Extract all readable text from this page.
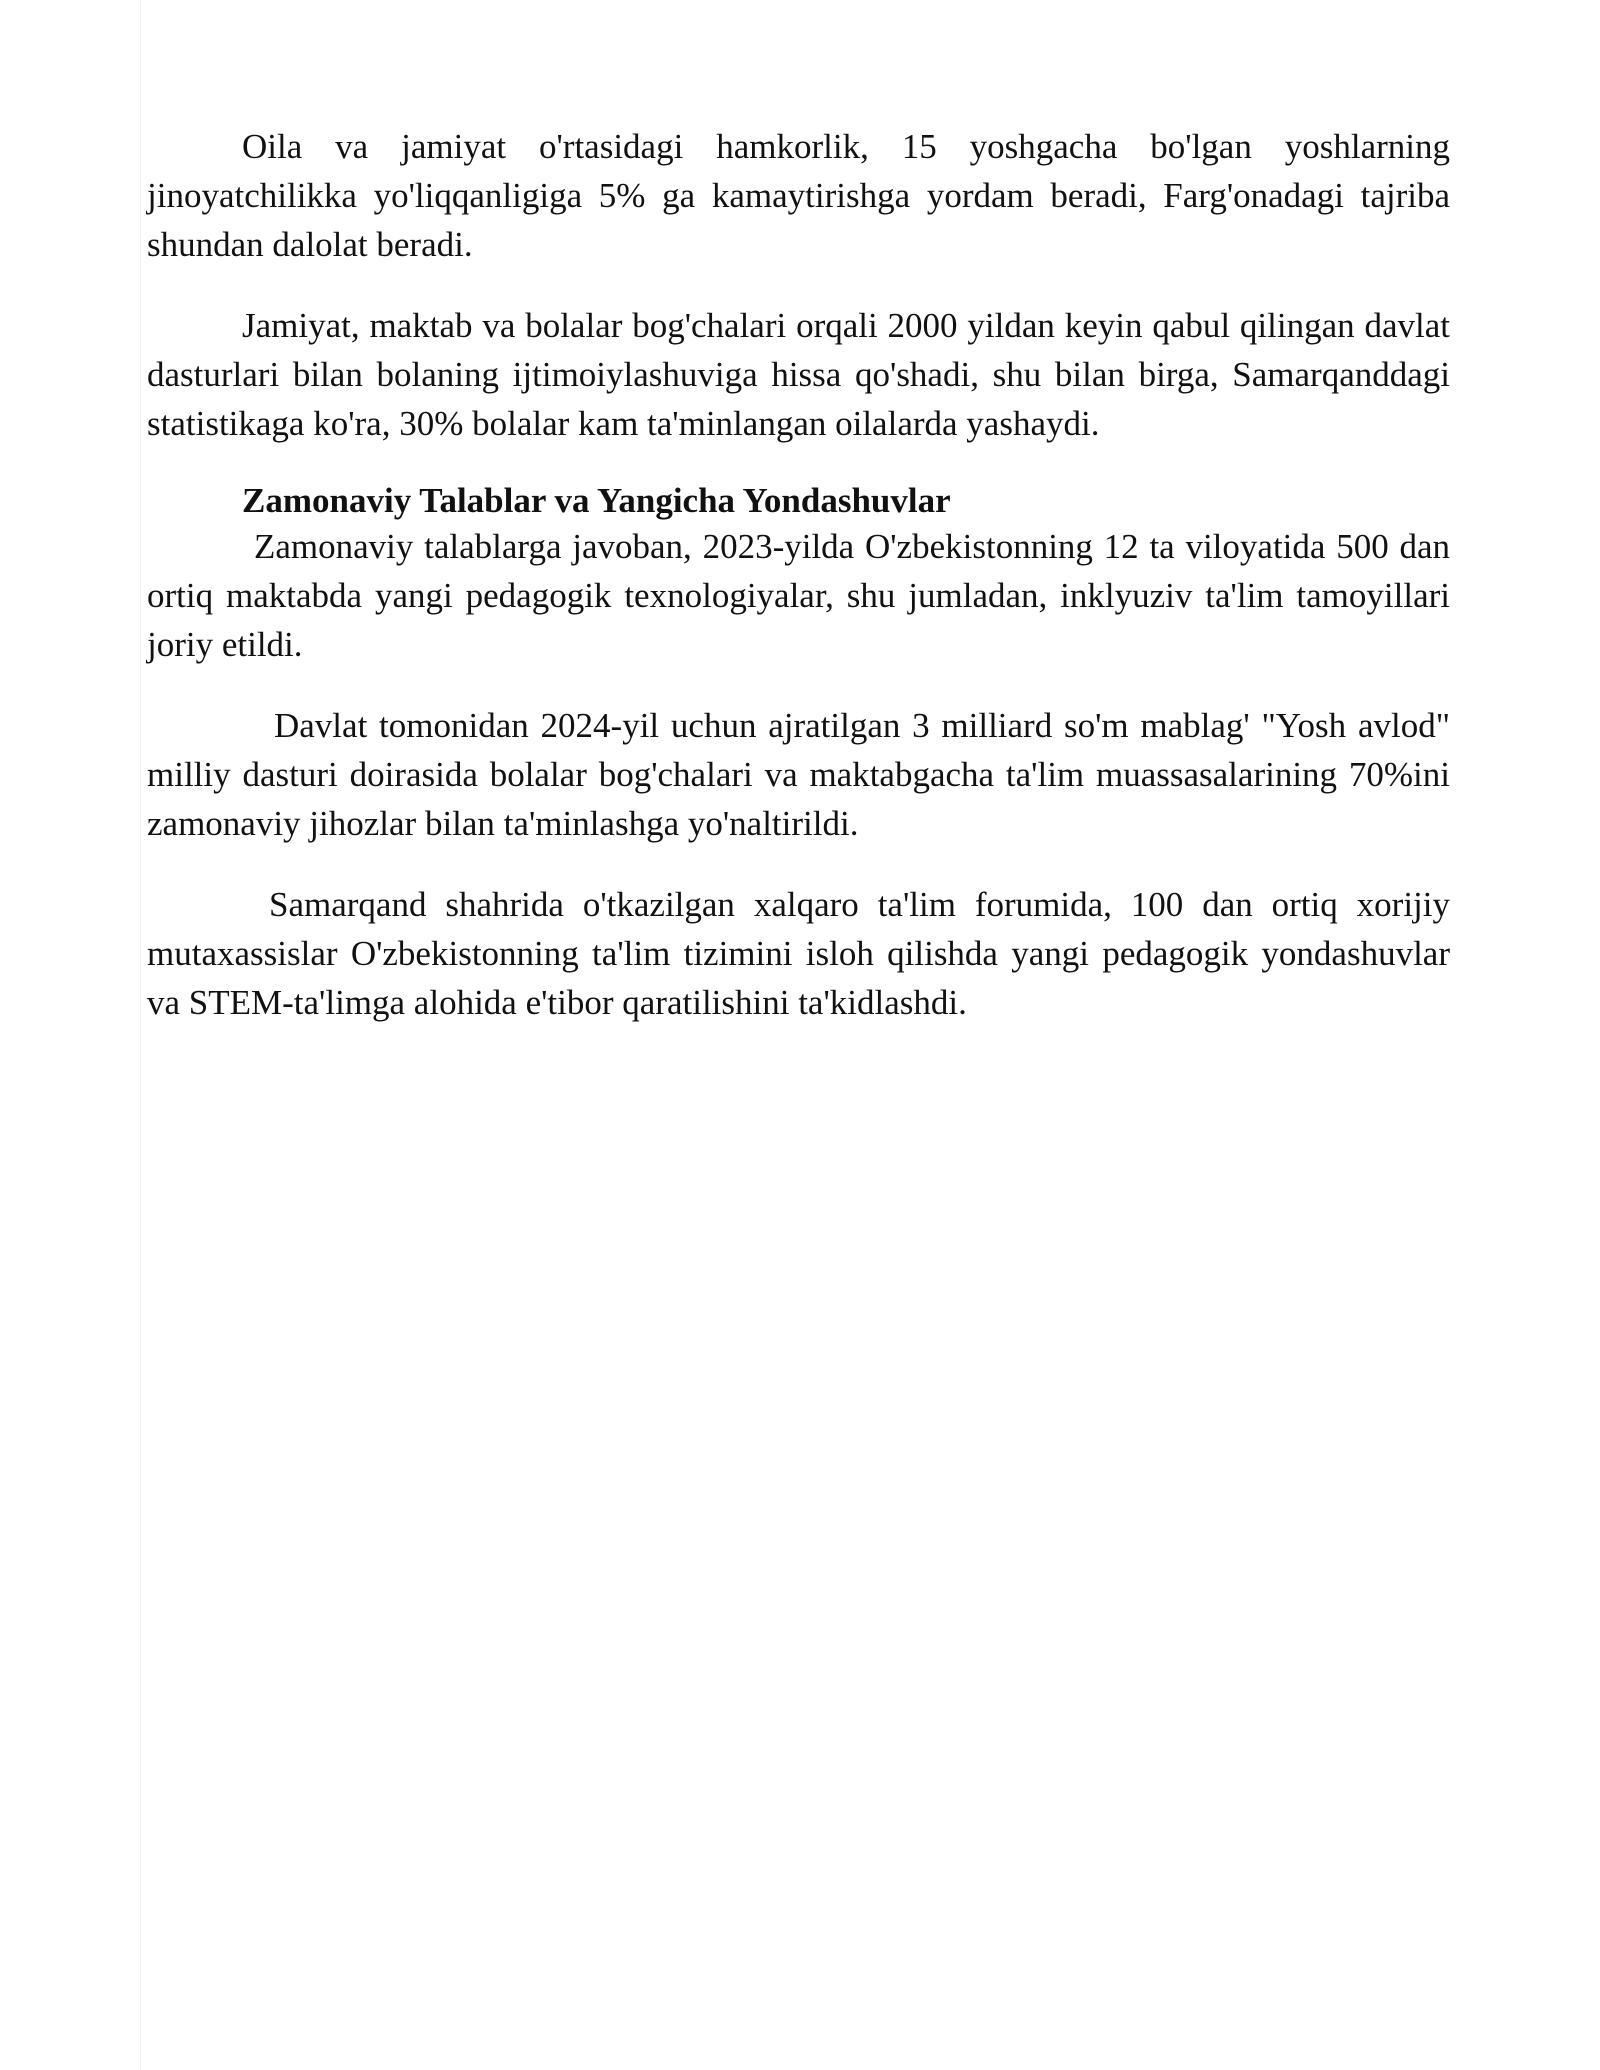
Oila va jamiyat o'rtasidagi hamkorlik, 15 yoshgacha bo'lgan yoshlarning jinoyatchilikka yo'liqqanligiga 5% ga kamaytirishga yordam beradi, Farg'onadagi tajriba shundan dalolat beradi.

Jamiyat, maktab va bolalar bog'chalari orqali 2000 yildan keyin qabul qilingan davlat dasturlari bilan bolaning ijtimoiylashuviga hissa qo'shadi, shu bilan birga, Samarqanddagi statistikaga ko'ra, 30% bolalar kam ta'minlangan oilalarda yashaydi.

Zamonaviy Talablar va Yangicha Yondashuvlar

Zamonaviy talablarga javoban, 2023-yilda O'zbekistonning 12 ta viloyatida 500 dan ortiq maktabda yangi pedagogik texnologiyalar, shu jumladan, inklyuziv ta'lim tamoyillari joriy etildi.

Davlat tomonidan 2024-yil uchun ajratilgan 3 milliard so'm mablag' "Yosh avlod" milliy dasturi doirasida bolalar bog'chalari va maktabgacha ta'lim muassasalarining 70%ini zamonaviy jihozlar bilan ta'minlashga yo'naltirildi.

Samarqand shahrida o'tkazilgan xalqaro ta'lim forumida, 100 dan ortiq xorijiy mutaxassislar O'zbekistonning ta'lim tizimini isloh qilishda yangi pedagogik yondashuvlar va STEM-ta'limga alohida e'tibor qaratilishini ta'kidlashdi.
